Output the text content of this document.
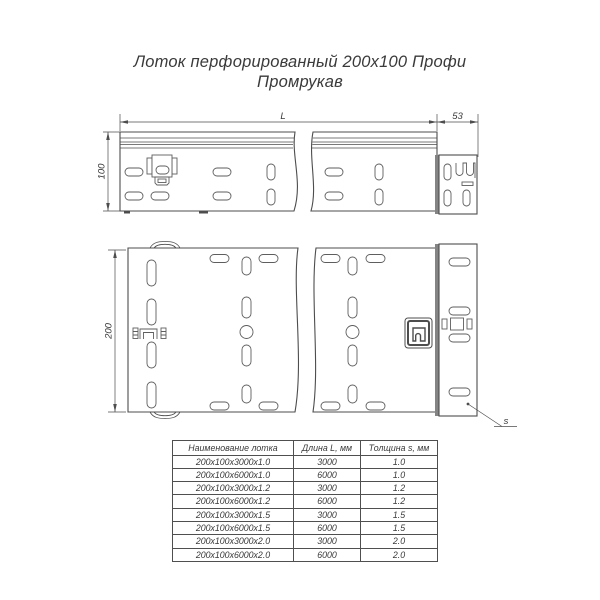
Лоток перфорированный 200х100 Профи
Промрукав
L	53
100
200
s
Наименование лотка	Длина L, мм	Толщина s, мм
200х100х3000х1.0	3000	1.0
200х100х6000х1.0	6000	1.0
200х100х3000х1.2	3000	1.2
200х100х6000х1.2	6000	1.2
200х100х3000х1.5	3000	1.5
200х100х6000х1.5	6000	1.5
200х100х3000х2.0	3000	2.0
200х100х6000х2.0	6000	2.0
